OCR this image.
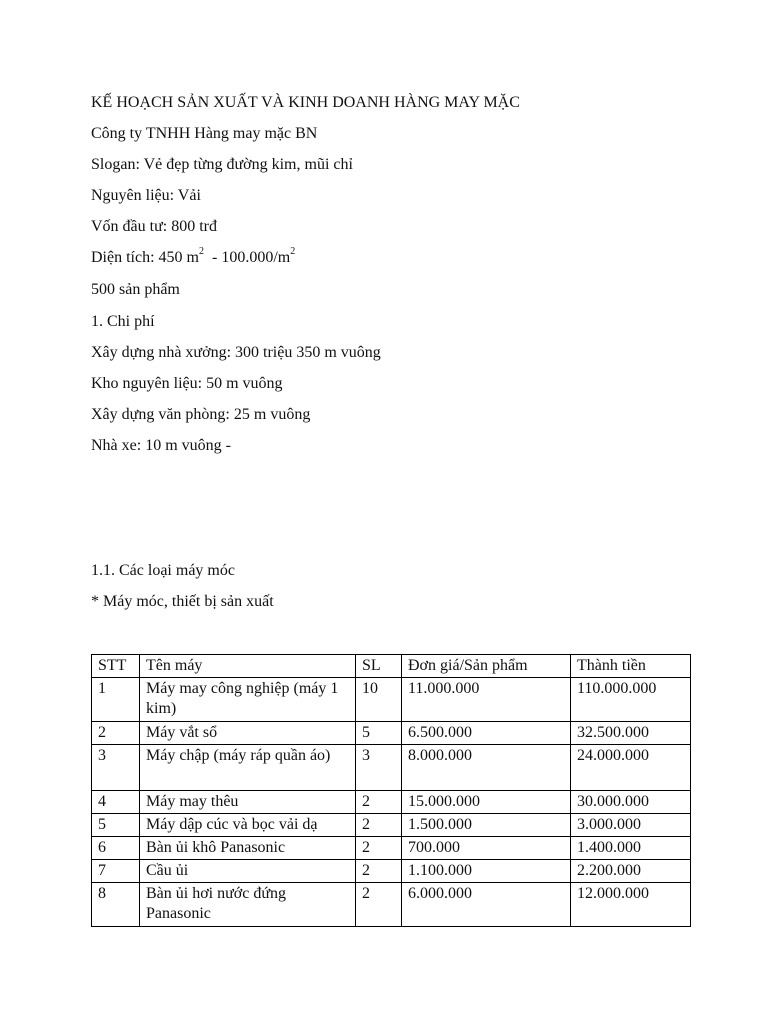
KẾ HOẠCH SẢN XUẤT VÀ KINH DOANH HÀNG MAY MẶC

Công ty TNHH Hàng may mặc BN

Slogan: Vẻ đẹp từng đường kim, mũi chỉ

Nguyên liệu: Vải

Vốn đầu tư: 800 trđ

Diện tích: 450 $m^2 - 100.000/m^2$

500 sản phẩm

1. Chi phí

Xây dựng nhà xưởng: 300 triệu 350 m vuông

Kho nguyên liệu: 50 m vuông

Xây dựng văn phòng: 25 m vuông

Nhà xe: 10 m vuông -

1.1. Các loại máy móc

* Máy móc, thiết bị sản xuất

STT	Tên máy	SL	Đơn giá/Sản phẩm	Thành tiền
1	Máy may công nghiệp (máy 1 kim)	10	11.000.000	110.000.000
2	Máy vắt sổ	5	6.500.000	32.500.000
3	Máy chập (máy ráp quần áo)	3	8.000.000	24.000.000
4	Máy may thêu	2	15.000.000	30.000.000
5	Máy dập cúc và bọc vải dạ	2	1.500.000	3.000.000
6	Bàn ủi khô Panasonic	2	700.000	1.400.000
7	Cầu ủi	2	1.100.000	2.200.000
8	Bàn ủi hơi nước đứng Panasonic	2	6.000.000	12.000.000
